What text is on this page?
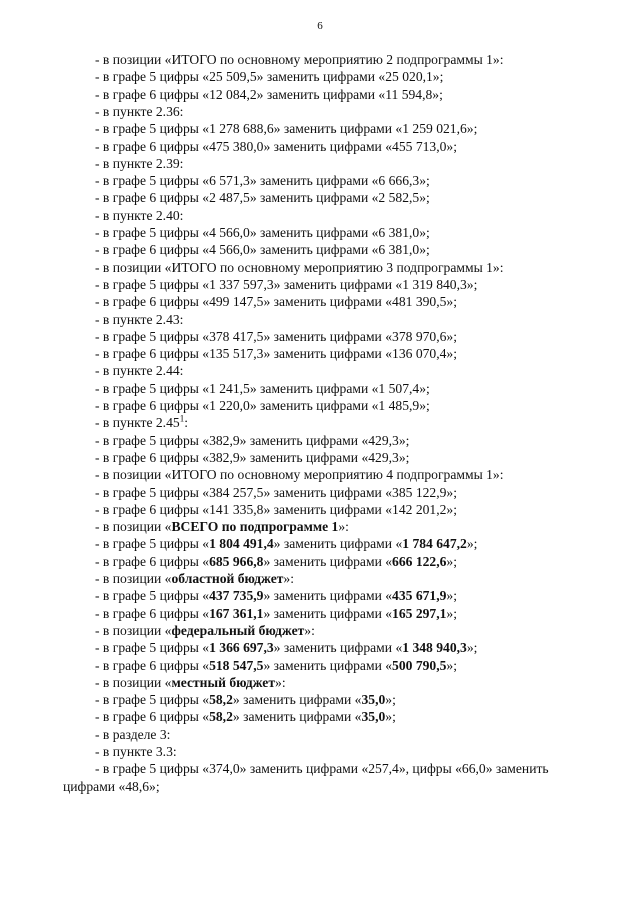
6
- в позиции «ИТОГО по основному мероприятию 2 подпрограммы 1»:
- в графе 5 цифры «25 509,5» заменить цифрами «25 020,1»;
- в графе 6 цифры «12 084,2» заменить цифрами «11 594,8»;
- в пункте 2.36:
- в графе 5 цифры «1 278 688,6» заменить цифрами «1 259 021,6»;
- в графе 6 цифры «475 380,0» заменить цифрами «455 713,0»;
- в пункте 2.39:
- в графе 5 цифры «6 571,3» заменить цифрами «6 666,3»;
- в графе 6 цифры «2 487,5» заменить цифрами «2 582,5»;
- в пункте 2.40:
- в графе 5 цифры «4 566,0» заменить цифрами «6 381,0»;
- в графе 6 цифры «4 566,0» заменить цифрами «6 381,0»;
- в позиции «ИТОГО по основному мероприятию 3 подпрограммы 1»:
- в графе 5 цифры «1 337 597,3» заменить цифрами «1 319 840,3»;
- в графе 6 цифры «499 147,5» заменить цифрами «481 390,5»;
- в пункте 2.43:
- в графе 5 цифры «378 417,5» заменить цифрами «378 970,6»;
- в графе 6 цифры «135 517,3» заменить цифрами «136 070,4»;
- в пункте 2.44:
- в графе 5 цифры «1 241,5» заменить цифрами «1 507,4»;
- в графе 6 цифры «1 220,0» заменить цифрами «1 485,9»;
- в пункте 2.45$^1$:
- в графе 5 цифры «382,9» заменить цифрами «429,3»;
- в графе 6 цифры «382,9» заменить цифрами «429,3»;
- в позиции «ИТОГО по основному мероприятию 4 подпрограммы 1»:
- в графе 5 цифры «384 257,5» заменить цифрами «385 122,9»;
- в графе 6 цифры «141 335,8» заменить цифрами «142 201,2»;
- в позиции «ВСЕГО по подпрограмме 1»:
- в графе 5 цифры «1 804 491,4» заменить цифрами «1 784 647,2»;
- в графе 6 цифры «685 966,8» заменить цифрами «666 122,6»;
- в позиции «областной бюджет»:
- в графе 5 цифры «437 735,9» заменить цифрами «435 671,9»;
- в графе 6 цифры «167 361,1» заменить цифрами «165 297,1»;
- в позиции «федеральный бюджет»:
- в графе 5 цифры «1 366 697,3» заменить цифрами «1 348 940,3»;
- в графе 6 цифры «518 547,5» заменить цифрами «500 790,5»;
- в позиции «местный бюджет»:
- в графе 5 цифры «58,2» заменить цифрами «35,0»;
- в графе 6 цифры «58,2» заменить цифрами «35,0»;
- в разделе 3:
- в пункте 3.3:
- в графе 5 цифры «374,0» заменить цифрами «257,4», цифры «66,0» заменить
цифрами «48,6»;
